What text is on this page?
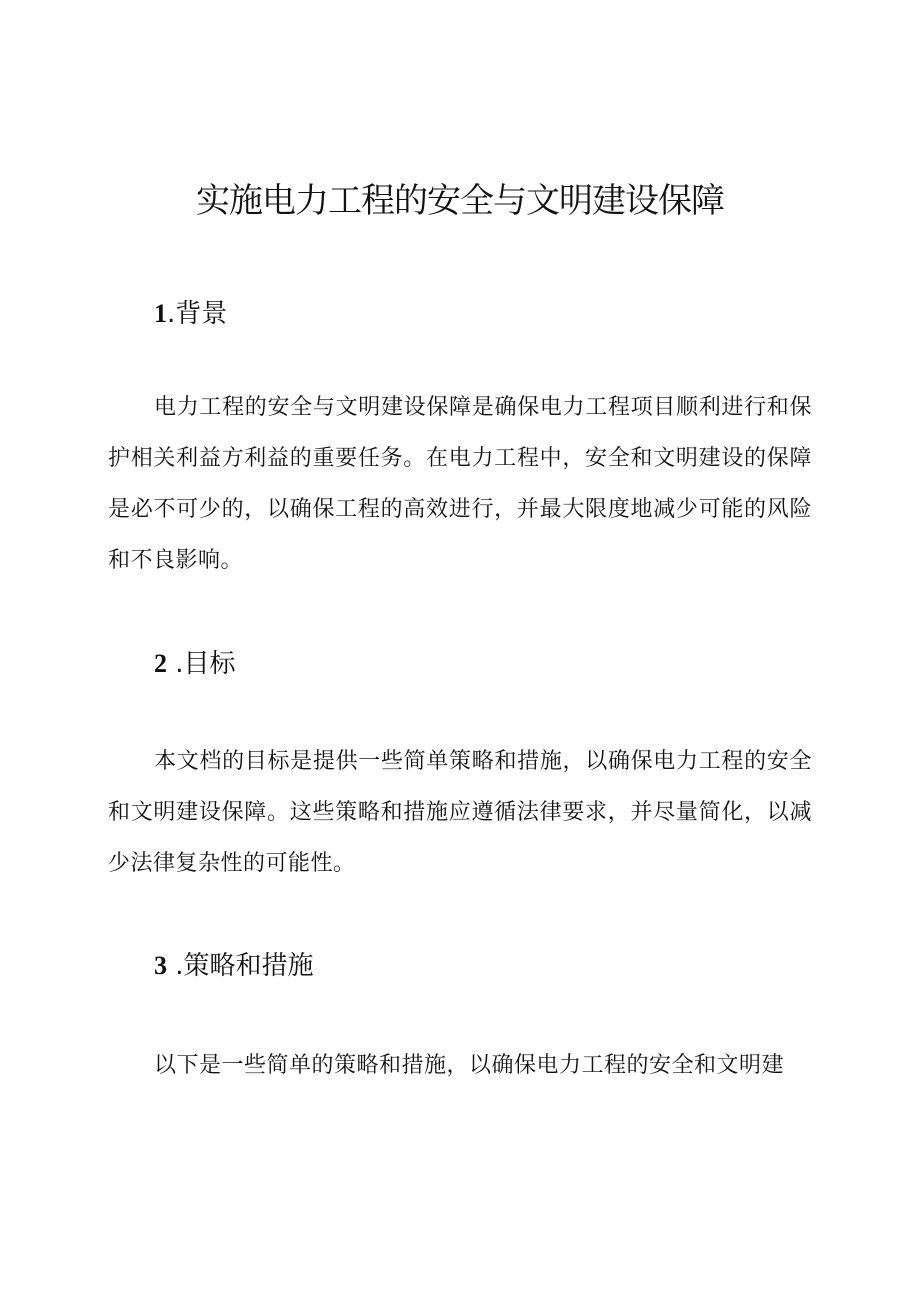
实施电力工程的安全与文明建设保障
1.背景

电力工程的安全与文明建设保障是确保电力工程项目顺利进行和保护相关利益方利益的重要任务。在电力工程中，安全和文明建设的保障是必不可少的，以确保工程的高效进行，并最大限度地减少可能的风险和不良影响。

2 .目标

本文档的目标是提供一些简单策略和措施，以确保电力工程的安全和文明建设保障。这些策略和措施应遵循法律要求，并尽量简化，以减少法律复杂性的可能性。

3 .策略和措施

以下是一些简单的策略和措施，以确保电力工程的安全和文明建
